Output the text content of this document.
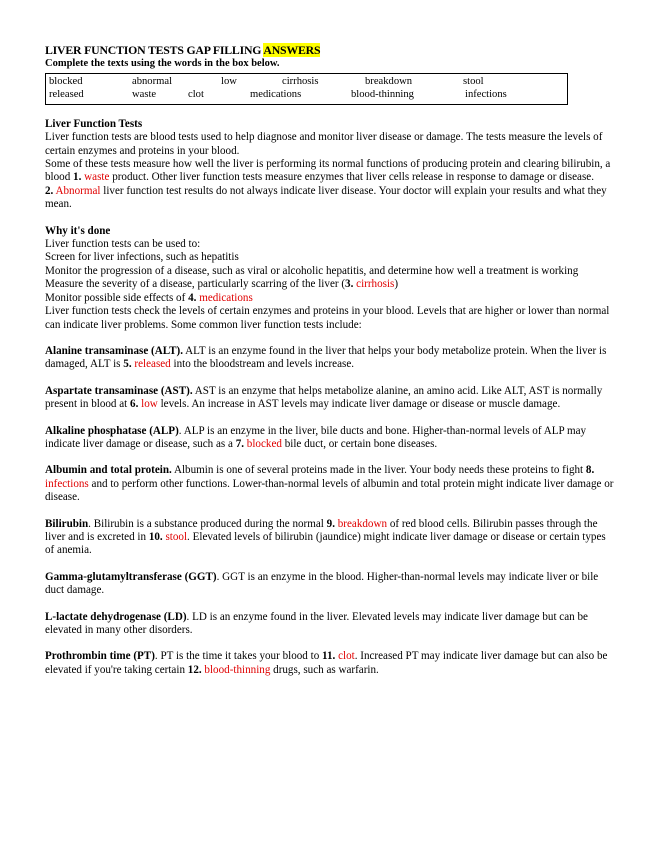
LIVER FUNCTION TESTS GAP FILLING ANSWERS
Complete the texts using the words in the box below.
blocked	abnormal	low	cirrhosis	breakdown	stool
released	waste	clot	medications	blood-thinning	infections

Liver Function Tests

Liver function tests are blood tests used to help diagnose and monitor liver disease or damage. The tests measure the levels of certain enzymes and proteins in your blood.

Some of these tests measure how well the liver is performing its normal functions of producing protein and clearing bilirubin, a blood 1. waste product. Other liver function tests measure enzymes that liver cells release in response to damage or disease.

2. Abnormal liver function test results do not always indicate liver disease. Your doctor will explain your results and what they mean.

Why it's done

Liver function tests can be used to:

Screen for liver infections, such as hepatitis

Monitor the progression of a disease, such as viral or alcoholic hepatitis, and determine how well a treatment is working

Measure the severity of a disease, particularly scarring of the liver (3. cirrhosis)

Monitor possible side effects of 4. medications

Liver function tests check the levels of certain enzymes and proteins in your blood. Levels that are higher or lower than normal can indicate liver problems. Some common liver function tests include:

Alanine transaminase (ALT). ALT is an enzyme found in the liver that helps your body metabolize protein. When the liver is damaged, ALT is 5. released into the bloodstream and levels increase.

Aspartate transaminase (AST). AST is an enzyme that helps metabolize alanine, an amino acid. Like ALT, AST is normally present in blood at 6. low levels. An increase in AST levels may indicate liver damage or disease or muscle damage.

Alkaline phosphatase (ALP). ALP is an enzyme in the liver, bile ducts and bone. Higher-than-normal levels of ALP may indicate liver damage or disease, such as a 7. blocked bile duct, or certain bone diseases.

Albumin and total protein. Albumin is one of several proteins made in the liver. Your body needs these proteins to fight 8. infections and to perform other functions. Lower-than-normal levels of albumin and total protein might indicate liver damage or disease.

Bilirubin. Bilirubin is a substance produced during the normal 9. breakdown of red blood cells. Bilirubin passes through the liver and is excreted in 10. stool. Elevated levels of bilirubin (jaundice) might indicate liver damage or disease or certain types of anemia.

Gamma-glutamyltransferase (GGT). GGT is an enzyme in the blood. Higher-than-normal levels may indicate liver or bile duct damage.

L-lactate dehydrogenase (LD). LD is an enzyme found in the liver. Elevated levels may indicate liver damage but can be elevated in many other disorders.

Prothrombin time (PT). PT is the time it takes your blood to 11. clot. Increased PT may indicate liver damage but can also be elevated if you're taking certain 12. blood-thinning drugs, such as warfarin.
